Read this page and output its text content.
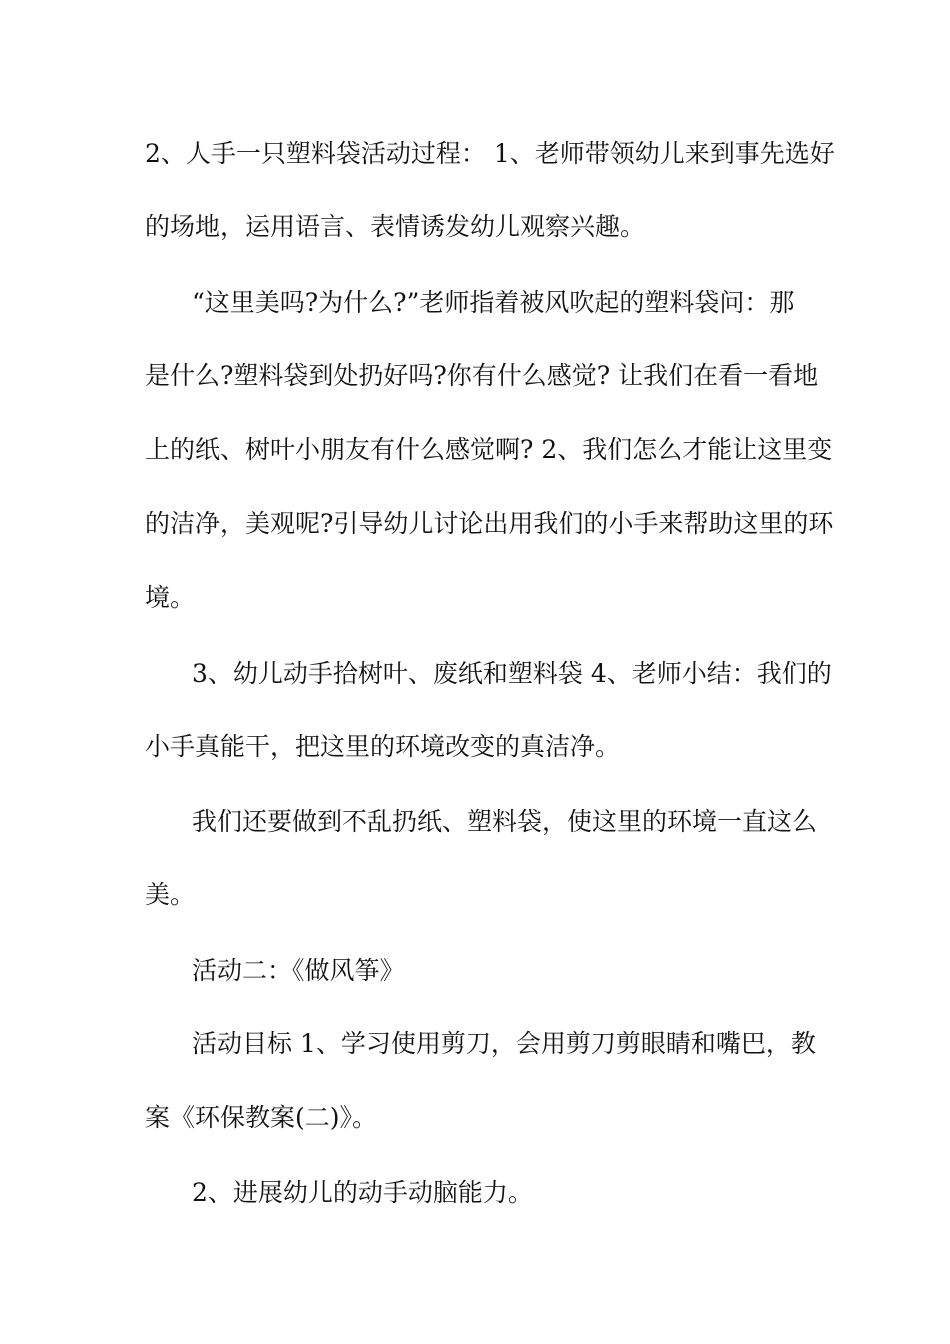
2、人手一只塑料袋活动过程： 1、老师带领幼儿来到事先选好

的场地，运用语言、表情诱发幼儿观察兴趣。

“这里美吗?为什么?”老师指着被风吹起的塑料袋问：那

是什么?塑料袋到处扔好吗?你有什么感觉? 让我们在看一看地

上的纸、树叶小朋友有什么感觉啊? 2、我们怎么才能让这里变

的洁净，美观呢?引导幼儿讨论出用我们的小手来帮助这里的环

境。

3、幼儿动手拾树叶、废纸和塑料袋 4、老师小结：我们的

小手真能干，把这里的环境改变的真洁净。

我们还要做到不乱扔纸、塑料袋，使这里的环境一直这么

美。

活动二：《做风筝》

活动目标 1、学习使用剪刀，会用剪刀剪眼睛和嘴巴，教

案《环保教案(二)》。

2、进展幼儿的动手动脑能力。
